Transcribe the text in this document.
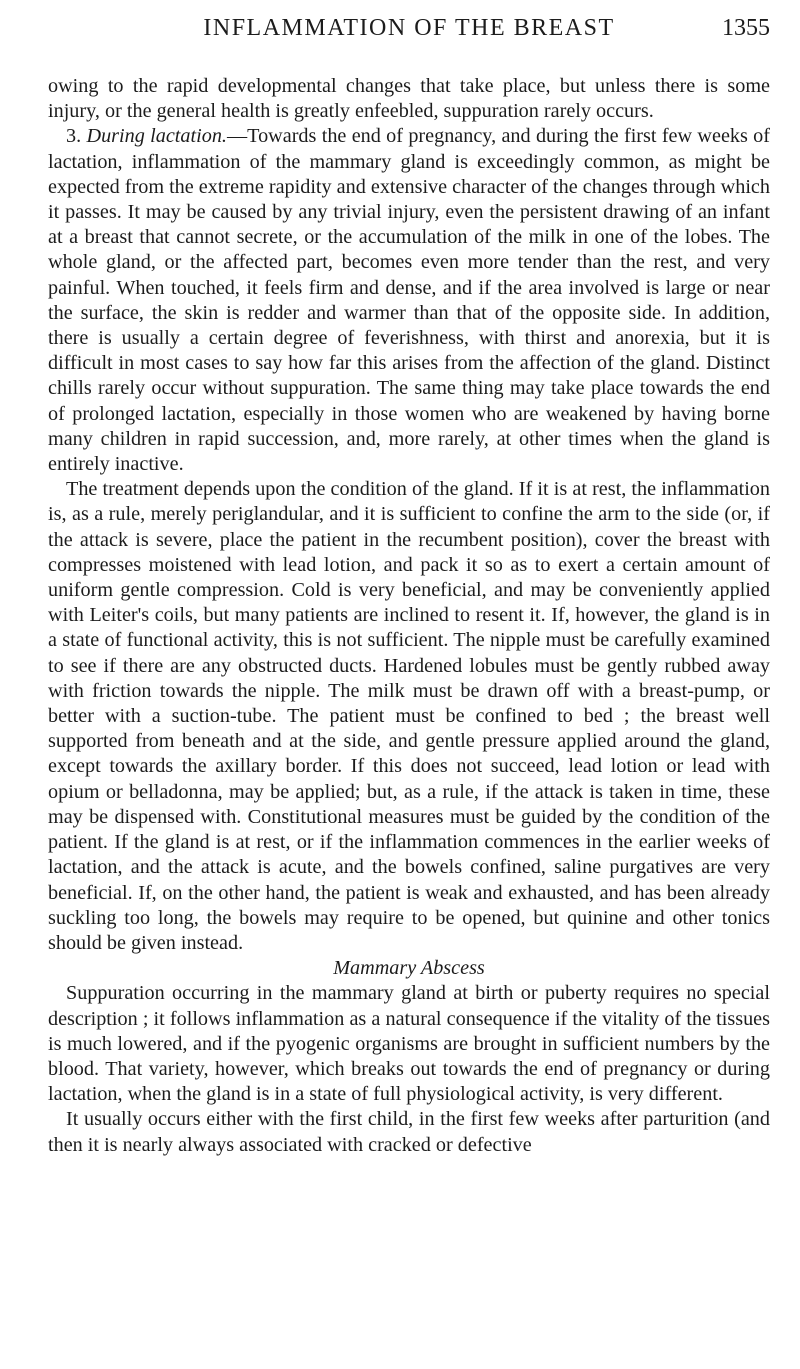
INFLAMMATION OF THE BREAST	1355

owing to the rapid developmental changes that take place, but unless there is some injury, or the general health is greatly enfeebled, suppuration rarely occurs.

3. During lactation.—Towards the end of pregnancy, and during the first few weeks of lactation, inflammation of the mammary gland is exceedingly common, as might be expected from the extreme rapidity and extensive character of the changes through which it passes. It may be caused by any trivial injury, even the persistent drawing of an infant at a breast that cannot secrete, or the accumulation of the milk in one of the lobes. The whole gland, or the affected part, becomes even more tender than the rest, and very painful. When touched, it feels firm and dense, and if the area involved is large or near the surface, the skin is redder and warmer than that of the opposite side. In addition, there is usually a certain degree of feverishness, with thirst and anorexia, but it is difficult in most cases to say how far this arises from the affection of the gland. Distinct chills rarely occur without suppuration. The same thing may take place towards the end of prolonged lactation, especially in those women who are weakened by having borne many children in rapid succession, and, more rarely, at other times when the gland is entirely inactive.

The treatment depends upon the condition of the gland. If it is at rest, the inflammation is, as a rule, merely periglandular, and it is sufficient to confine the arm to the side (or, if the attack is severe, place the patient in the recumbent position), cover the breast with compresses moistened with lead lotion, and pack it so as to exert a certain amount of uniform gentle compression. Cold is very beneficial, and may be conveniently applied with Leiter's coils, but many patients are inclined to resent it. If, however, the gland is in a state of functional activity, this is not sufficient. The nipple must be carefully examined to see if there are any obstructed ducts. Hardened lobules must be gently rubbed away with friction towards the nipple. The milk must be drawn off with a breast-pump, or better with a suction-tube. The patient must be confined to bed ; the breast well supported from beneath and at the side, and gentle pressure applied around the gland, except towards the axillary border. If this does not succeed, lead lotion or lead with opium or belladonna, may be applied; but, as a rule, if the attack is taken in time, these may be dispensed with. Constitutional measures must be guided by the condition of the patient. If the gland is at rest, or if the inflammation commences in the earlier weeks of lactation, and the attack is acute, and the bowels confined, saline purgatives are very beneficial. If, on the other hand, the patient is weak and exhausted, and has been already suckling too long, the bowels may require to be opened, but quinine and other tonics should be given instead.

Mammary Abscess

Suppuration occurring in the mammary gland at birth or puberty requires no special description ; it follows inflammation as a natural consequence if the vitality of the tissues is much lowered, and if the pyogenic organisms are brought in sufficient numbers by the blood. That variety, however, which breaks out towards the end of pregnancy or during lactation, when the gland is in a state of full physiological activity, is very different.

It usually occurs either with the first child, in the first few weeks after parturition (and then it is nearly always associated with cracked or defective
